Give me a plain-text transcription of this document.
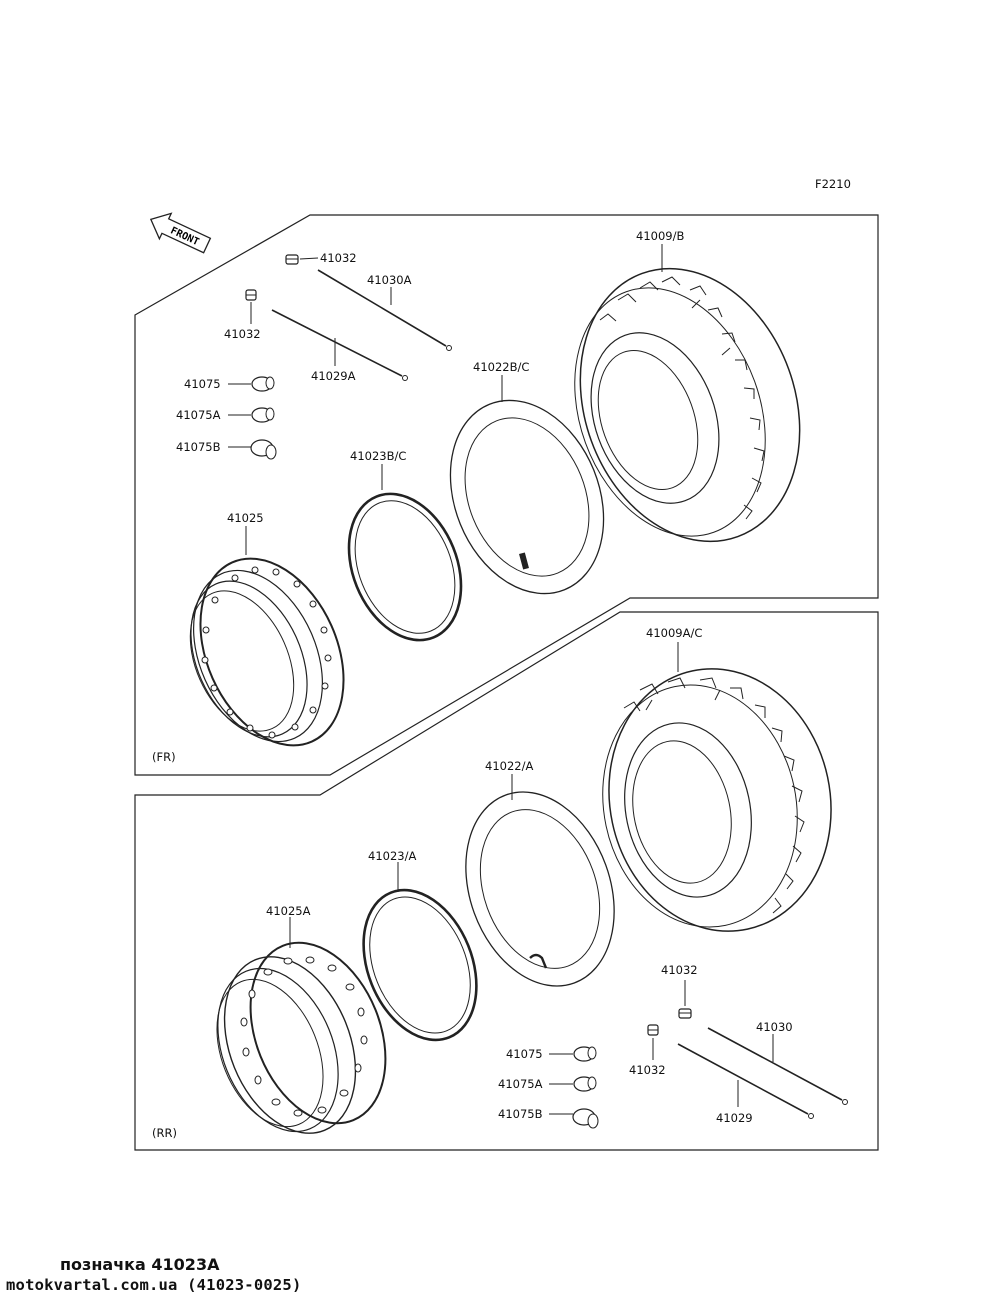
FRONT	41009/B
41022B/C
41023B/C
41025
41032
41032
41030A
41029A
41075
41075A
41075B
(FR)
41009A/C
41022/A
41023/A
41025A
41032
41032
41030
41029
41075
41075A
41075B
(RR)
F2210
позначка 41023A
motokvartal.com.ua (41023-0025)
